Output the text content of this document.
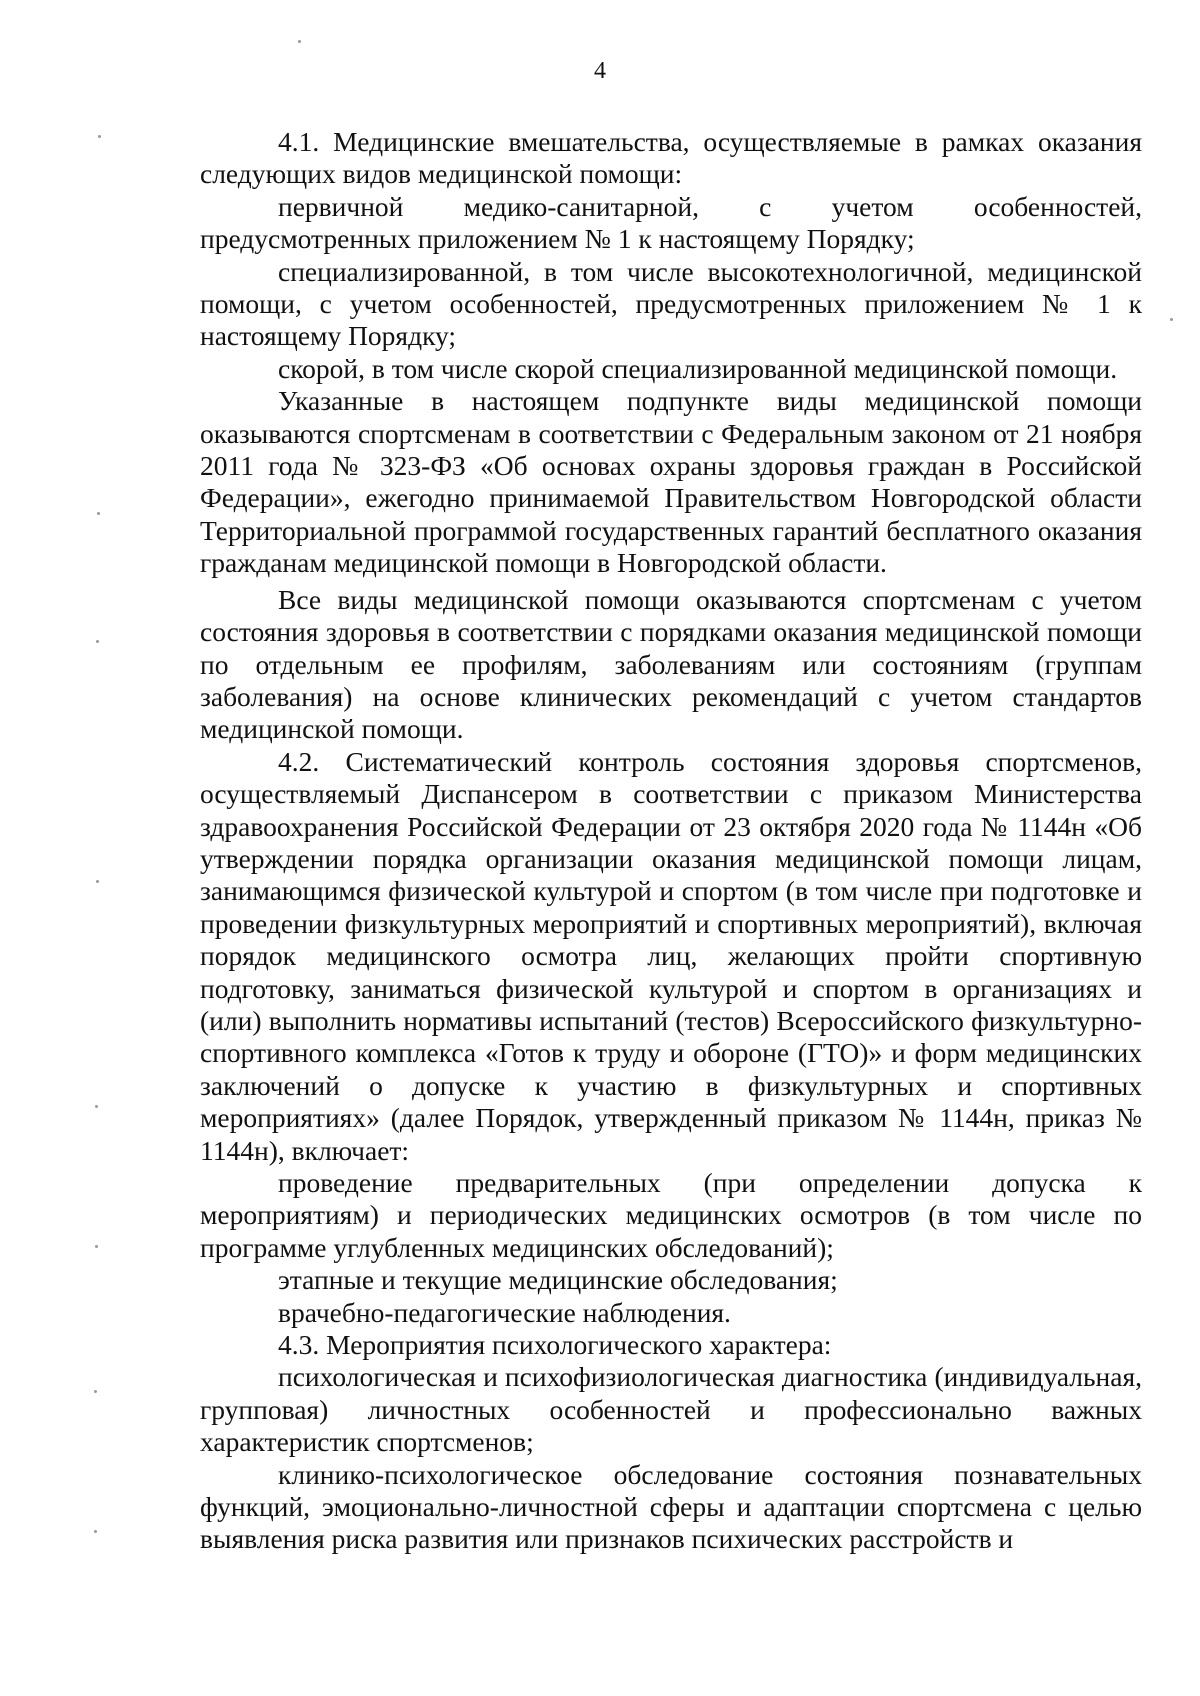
4

4.1. Медицинские вмешательства, осуществляемые в рамках оказания следующих видов медицинской помощи:

первичной медико-санитарной, с учетом особенностей, предусмотренных приложением № 1 к настоящему Порядку;

специализированной, в том числе высокотехнологичной, медицинской помощи, с учетом особенностей, предусмотренных приложением № 1 к настоящему Порядку;

скорой, в том числе скорой специализированной медицинской помощи.

Указанные в настоящем подпункте виды медицинской помощи оказываются спортсменам в соответствии с Федеральным законом от 21 ноября 2011 года № 323-ФЗ «Об основах охраны здоровья граждан в Российской Федерации», ежегодно принимаемой Правительством Новгородской области Территориальной программой государственных гарантий бесплатного оказания гражданам медицинской помощи в Новгородской области.

Все виды медицинской помощи оказываются спортсменам с учетом состояния здоровья в соответствии с порядками оказания медицинской помощи по отдельным ее профилям, заболеваниям или состояниям (группам заболевания) на основе клинических рекомендаций с учетом стандартов медицинской помощи.

4.2. Систематический контроль состояния здоровья спортсменов, осуществляемый Диспансером в соответствии с приказом Министерства здравоохранения Российской Федерации от 23 октября 2020 года № 1144н «Об утверждении порядка организации оказания медицинской помощи лицам, занимающимся физической культурой и спортом (в том числе при подготовке и проведении физкультурных мероприятий и спортивных мероприятий), включая порядок медицинского осмотра лиц, желающих пройти спортивную подготовку, заниматься физической культурой и спортом в организациях и (или) выполнить нормативы испытаний (тестов) Всероссийского физкультурно-спортивного комплекса «Готов к труду и обороне (ГТО)» и форм медицинских заключений о допуске к участию в физкультурных и спортивных мероприятиях» (далее Порядок, утвержденный приказом № 1144н, приказ № 1144н), включает:

проведение предварительных (при определении допуска к мероприятиям) и периодических медицинских осмотров (в том числе по программе углубленных медицинских обследований);

этапные и текущие медицинские обследования;

врачебно-педагогические наблюдения.

4.3. Мероприятия психологического характера:

психологическая и психофизиологическая диагностика (индивидуальная, групповая) личностных особенностей и профессионально важных характеристик спортсменов;

клинико-психологическое обследование состояния познавательных функций, эмоционально-личностной сферы и адаптации спортсмена с целью выявления риска развития или признаков психических расстройств и
